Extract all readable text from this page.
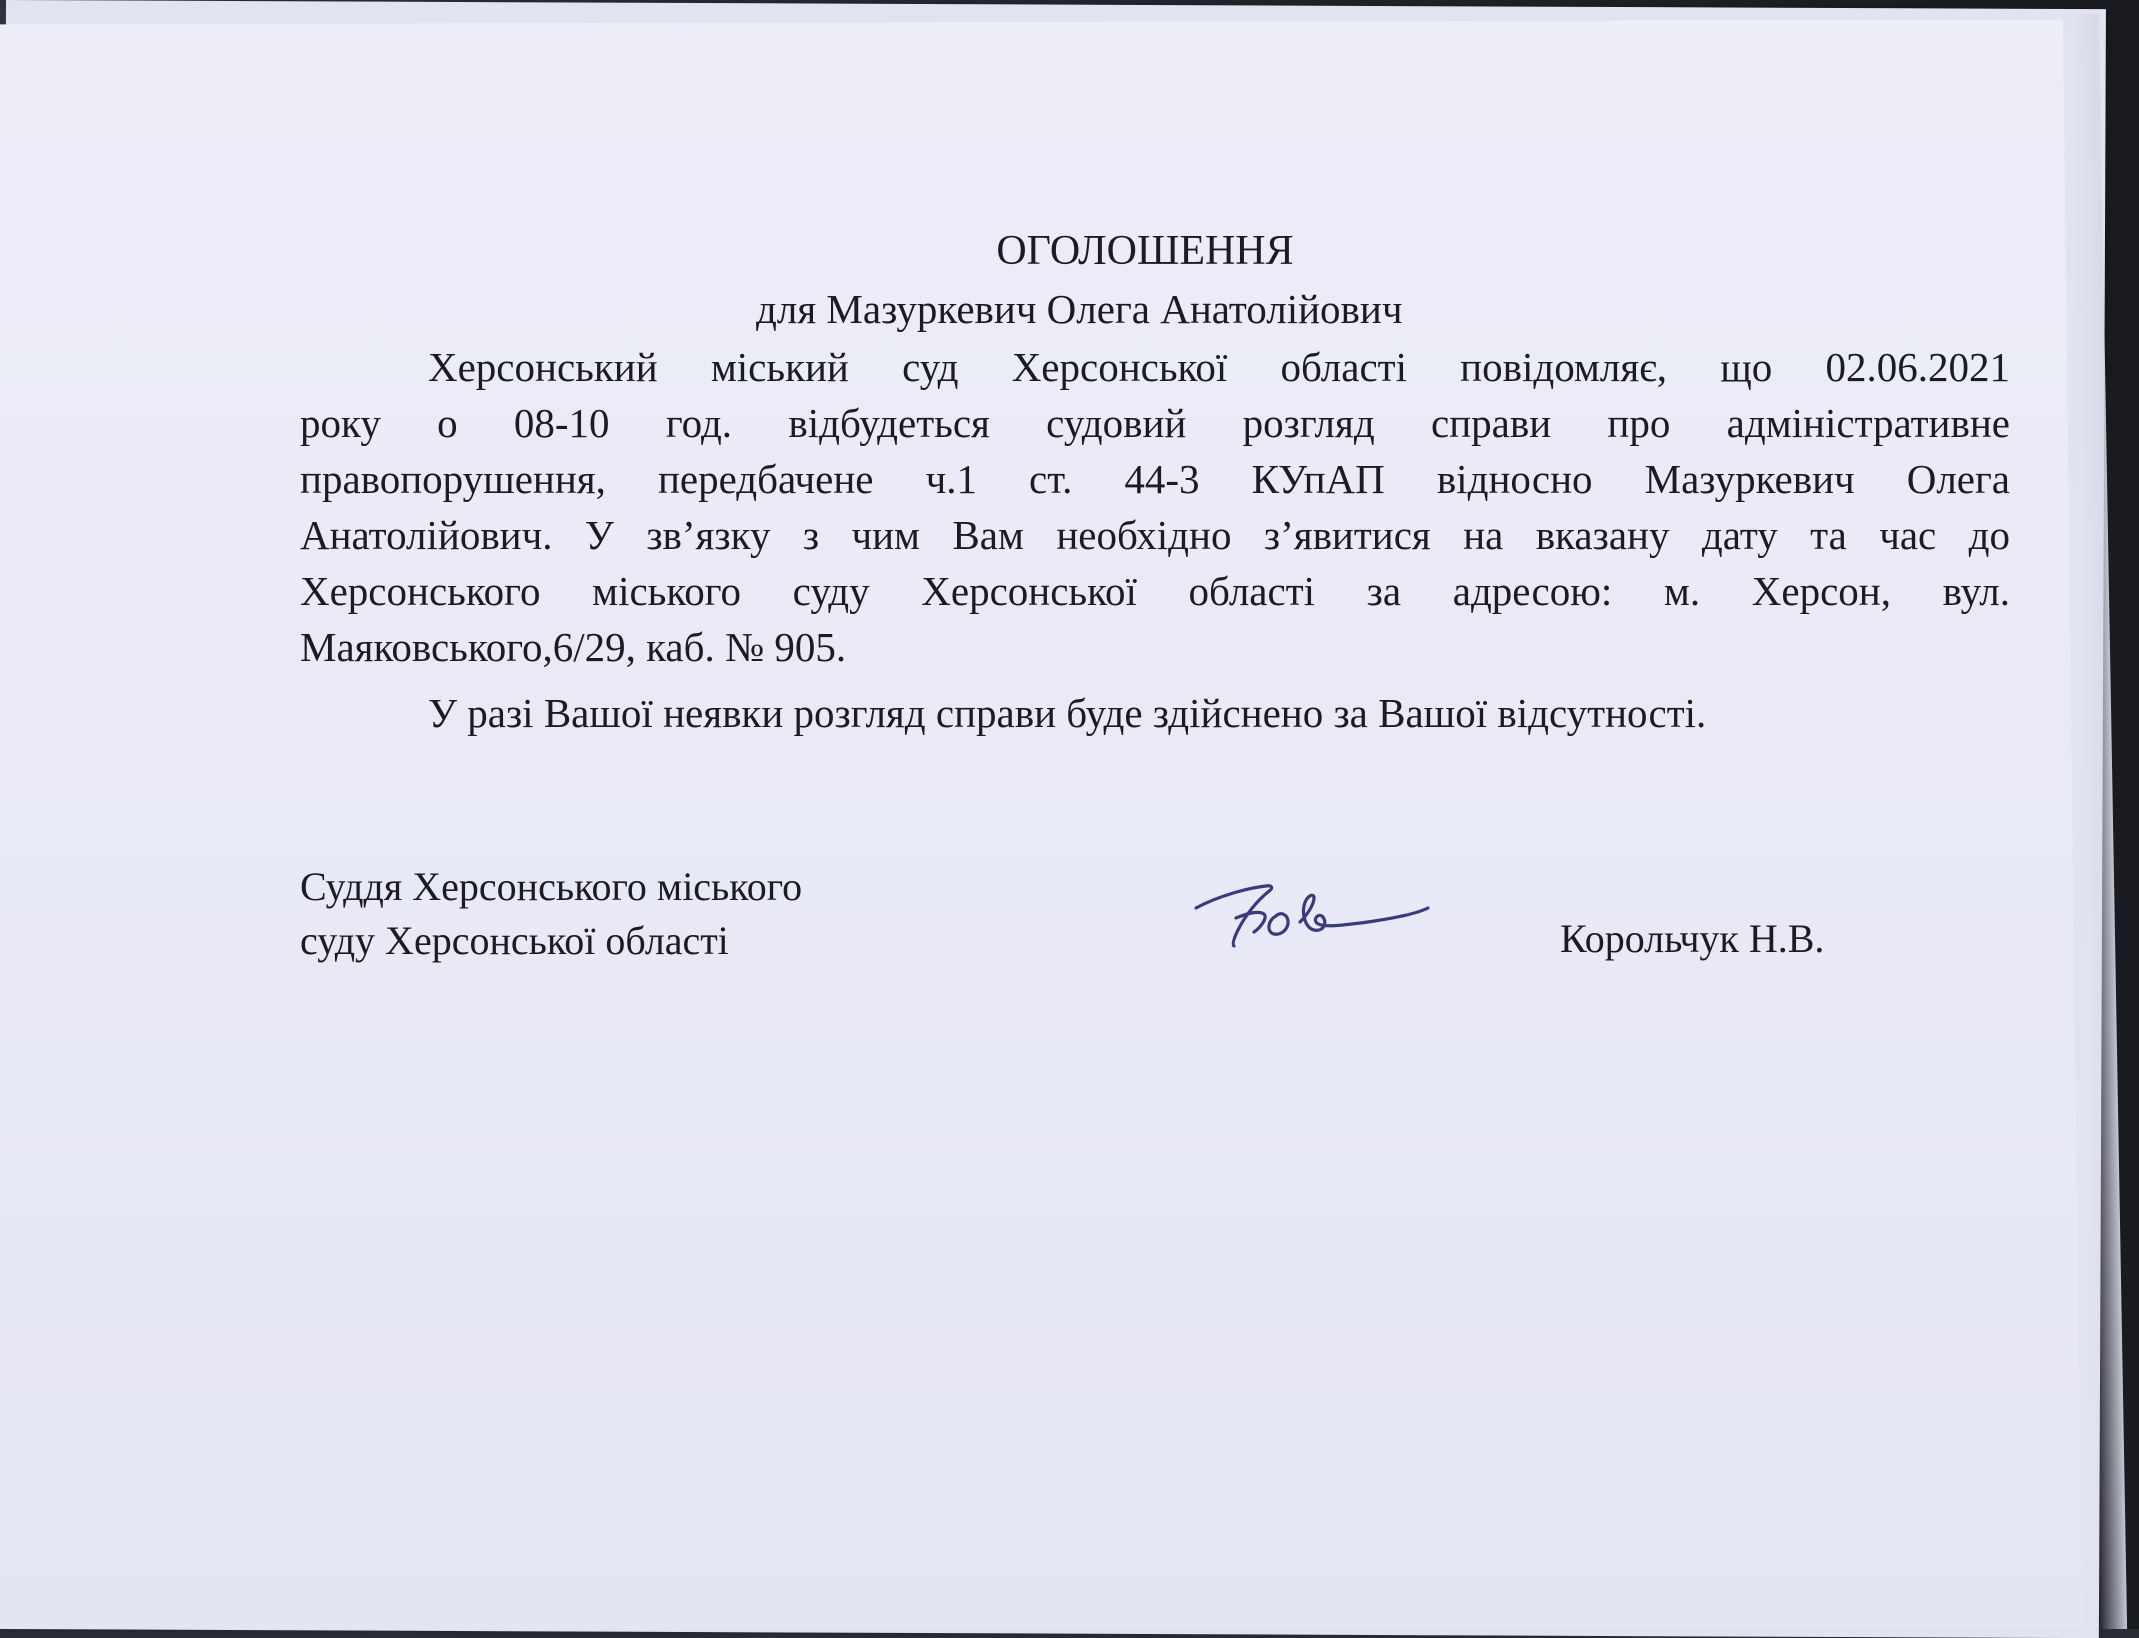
ОГОЛОШЕННЯ
для Мазуркевич Олега Анатолійович
Херсонський міський суд Херсонської області повідомляє, що 02.06.2021
року о 08-10 год. відбудеться судовий розгляд справи про адміністративне
правопорушення, передбачене ч.1 ст. 44-3 КУпАП відносно Мазуркевич Олега
Анатолійович. У зв’язку з чим Вам необхідно з’явитися на вказану дату та час до
Херсонського міського суду Херсонської області за адресою: м. Херсон, вул.
Маяковського,6/29, каб. № 905.
У разі Вашої неявки розгляд справи буде здійснено за Вашої відсутності.
Суддя Херсонського міського
суду Херсонської області	Корольчук Н.В.
